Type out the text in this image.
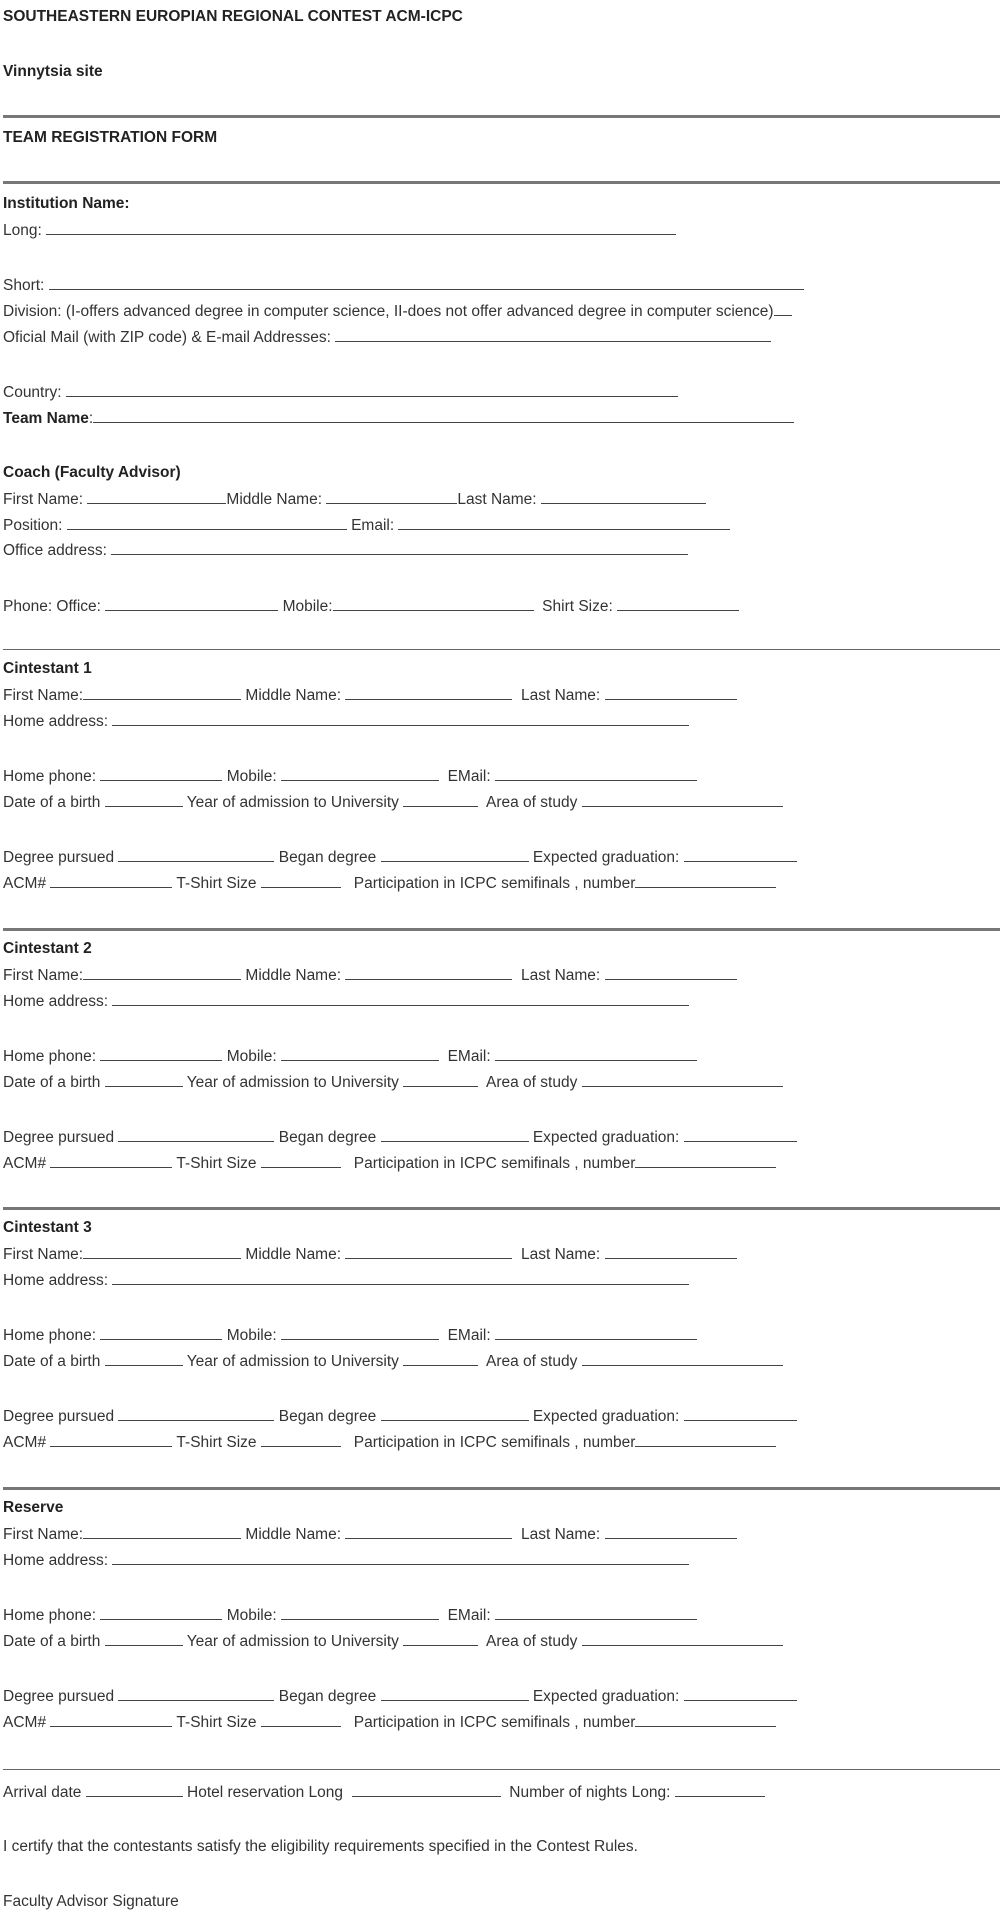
SOUTHEASTERN EUROPIAN REGIONAL CONTEST ACM-ICPC
Vinnytsia site
TEAM REGISTRATION FORM
Institution Name:
Long:
Short:
Division: (I-offers advanced degree in computer science, II-does not offer advanced degree in computer science)
Oficial Mail (with ZIP code) & E-mail Addresses:
Country:
Team Name:
Coach (Faculty Advisor)
First Name:	Middle Name:	Last Name:
Position:	Email:
Office address:
Phone: Office:	Mobile:	Shirt Size:
Cintestant 1
First Name:	Middle Name:	Last Name:
Home address:
Home phone:	Mobile:	EMail:
Date of a birth	Year of admission to University	Area of study
Degree pursued	Began degree	Expected graduation:
ACM#	T-Shirt Size	Participation in ICPC semifinals , number
Cintestant 2
First Name:	Middle Name:	Last Name:
Home address:
Home phone:	Mobile:	EMail:
Date of a birth	Year of admission to University	Area of study
Degree pursued	Began degree	Expected graduation:
ACM#	T-Shirt Size	Participation in ICPC semifinals , number
Cintestant 3
First Name:	Middle Name:	Last Name:
Home address:
Home phone:	Mobile:	EMail:
Date of a birth	Year of admission to University	Area of study
Degree pursued	Began degree	Expected graduation:
ACM#	T-Shirt Size	Participation in ICPC semifinals , number
Reserve
First Name:	Middle Name:	Last Name:
Home address:
Home phone:	Mobile:	EMail:
Date of a birth	Year of admission to University	Area of study
Degree pursued	Began degree	Expected graduation:
ACM#	T-Shirt Size	Participation in ICPC semifinals , number
Arrival date	Hotel reservation Long	Number of nights Long:
I certify that the contestants satisfy the eligibility requirements specified in the Contest Rules.
Faculty Advisor Signature
